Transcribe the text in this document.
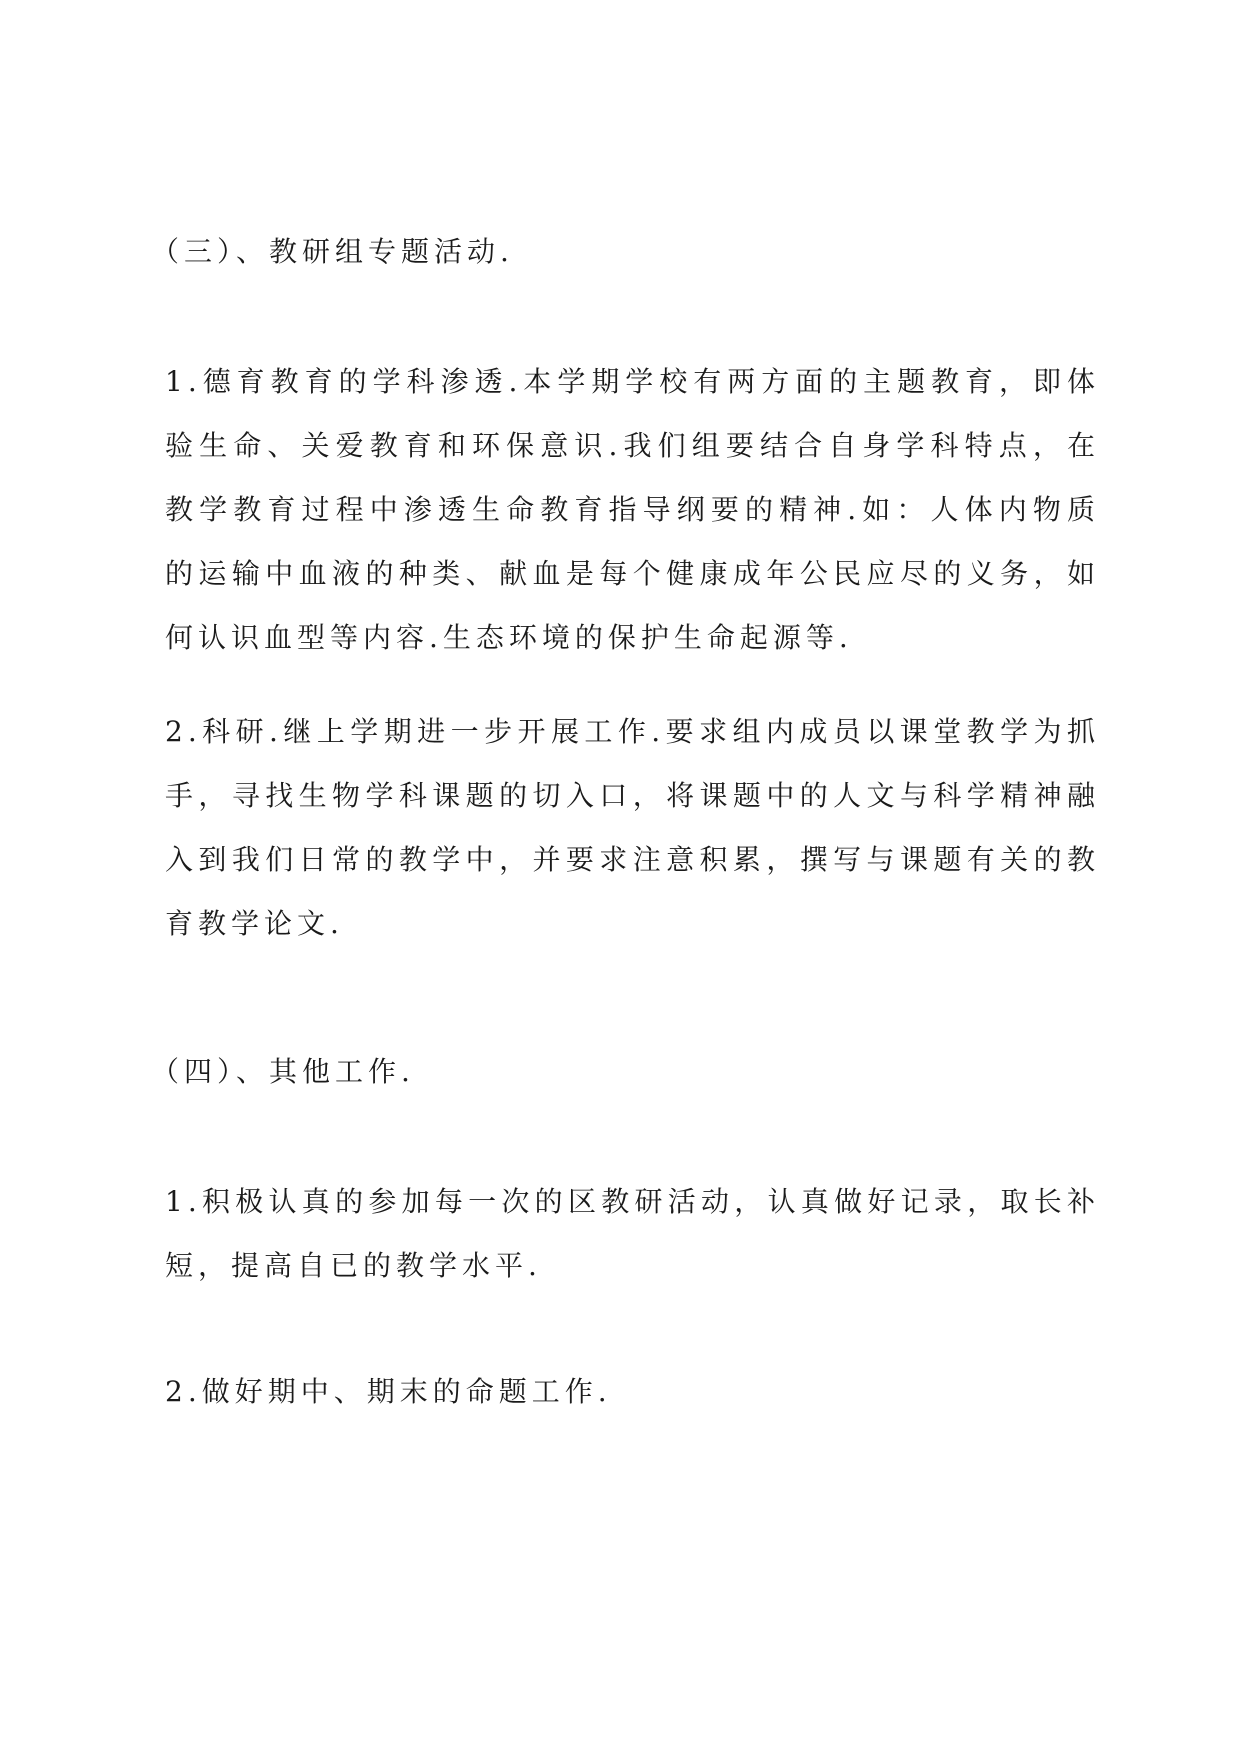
（三）、教研组专题活动.

1.德育教育的学科渗透.本学期学校有两方面的主题教育，即体验生命、关爱教育和环保意识.我们组要结合自身学科特点，在教学教育过程中渗透生命教育指导纲要的精神.如：人体内物质的运输中血液的种类、献血是每个健康成年公民应尽的义务，如何认识血型等内容.生态环境的保护生命起源等.

2.科研.继上学期进一步开展工作.要求组内成员以课堂教学为抓手，寻找生物学科课题的切入口，将课题中的人文与科学精神融入到我们日常的教学中，并要求注意积累，撰写与课题有关的教育教学论文.

（四）、其他工作.

1.积极认真的参加每一次的区教研活动，认真做好记录，取长补短，提高自已的教学水平.

2.做好期中、期末的命题工作.
